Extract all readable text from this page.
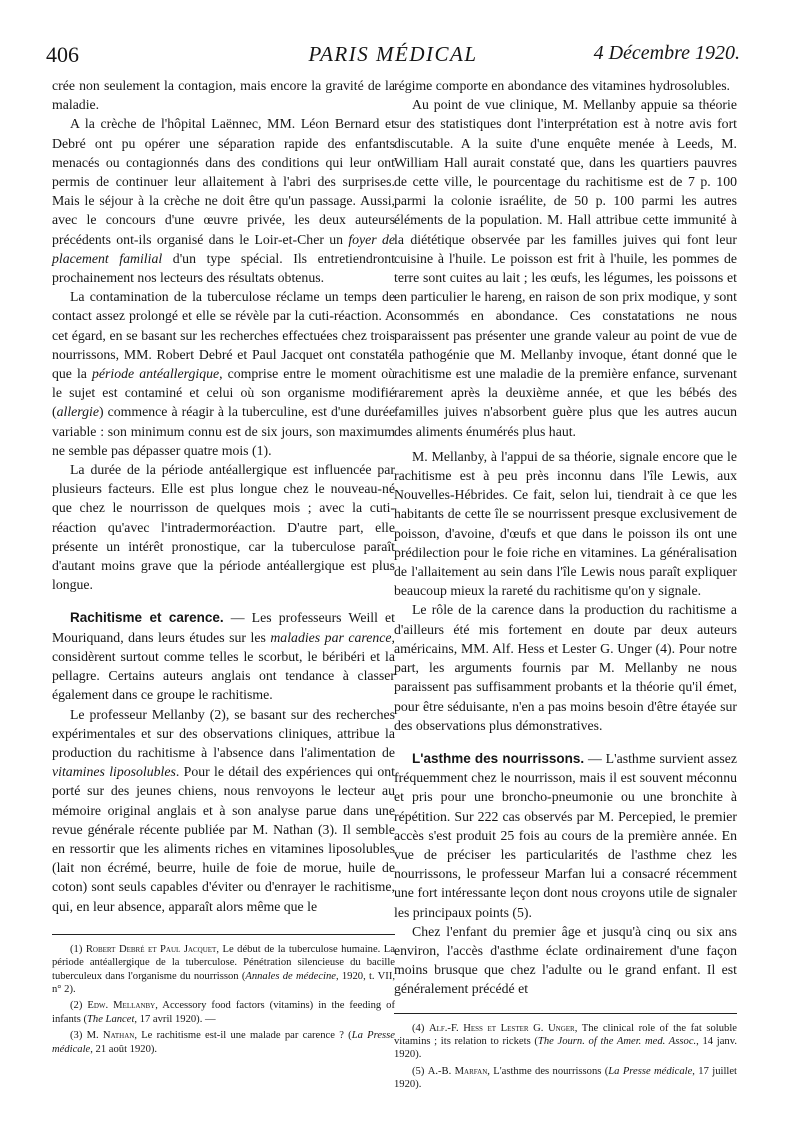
406	PARIS MÉDICAL	4 Décembre 1920.

crée non seulement la contagion, mais encore la gravité de la maladie.

A la crèche de l'hôpital Laënnec, MM. Léon Bernard et Debré ont pu opérer une séparation rapide des enfants menacés ou contagionnés dans des conditions qui leur ont permis de continuer leur allaitement à l'abri des surprises. Mais le séjour à la crèche ne doit être qu'un passage. Aussi, avec le concours d'une œuvre privée, les deux auteurs précédents ont-ils organisé dans le Loir-et-Cher un foyer de placement familial d'un type spécial. Ils entretiendront prochainement nos lecteurs des résultats obtenus.

La contamination de la tuberculose réclame un temps de contact assez prolongé et elle se révèle par la cuti-réaction. A cet égard, en se basant sur les recherches effectuées chez trois nourrissons, MM. Robert Debré et Paul Jacquet ont constaté que la période antéallergique, comprise entre le moment où le sujet est contaminé et celui où son organisme modifié (allergie) commence à réagir à la tuberculine, est d'une durée variable : son minimum connu est de six jours, son maximum ne semble pas dépasser quatre mois (1).

La durée de la période antéallergique est influencée par plusieurs facteurs. Elle est plus longue chez le nouveau-né que chez le nourrisson de quelques mois ; avec la cuti-réaction qu'avec l'intradermoréaction. D'autre part, elle présente un intérêt pronostique, car la tuberculose paraît d'autant moins grave que la période antéallergique est plus longue.

Rachitisme et carence. — Les professeurs Weill et Mouriquand, dans leurs études sur les maladies par carence, considèrent surtout comme telles le scorbut, le béribéri et la pellagre. Certains auteurs anglais ont tendance à classer également dans ce groupe le rachitisme.

Le professeur Mellanby (2), se basant sur des recherches expérimentales et sur des observations cliniques, attribue la production du rachitisme à l'absence dans l'alimentation de vitamines liposolubles. Pour le détail des expériences qui ont porté sur des jeunes chiens, nous renvoyons le lecteur au mémoire original anglais et à son analyse parue dans une revue générale récente publiée par M. Nathan (3). Il semble en ressortir que les aliments riches en vitamines liposolubles (lait non écrémé, beurre, huile de foie de morue, huile de coton) sont seuls capables d'éviter ou d'enrayer le rachitisme, qui, en leur absence, apparaît alors même que le

(1) Robert Debré et Paul Jacquet, Le début de la tuberculose humaine. La période antéallergique de la tuberculose. Pénétration silencieuse du bacille tuberculeux dans l'organisme du nourrisson (Annales de médecine, 1920, t. VII, n° 2).

(2) Edw. Mellanby, Accessory food factors (vitamins) in the feeding of infants (The Lancet, 17 avril 1920). —

(3) M. Nathan, Le rachitisme est-il une malade par carence ? (La Presse médicale, 21 août 1920).

régime comporte en abondance des vitamines hydrosolubles.

Au point de vue clinique, M. Mellanby appuie sa théorie sur des statistiques dont l'interprétation est à notre avis fort discutable. A la suite d'une enquête menée à Leeds, M. William Hall aurait constaté que, dans les quartiers pauvres de cette ville, le pourcentage du rachitisme est de 7 p. 100 parmi la colonie israélite, de 50 p. 100 parmi les autres éléments de la population. M. Hall attribue cette immunité à la diététique observée par les familles juives qui font leur cuisine à l'huile. Le poisson est frit à l'huile, les pommes de terre sont cuites au lait ; les œufs, les légumes, les poissons et en particulier le hareng, en raison de son prix modique, y sont consommés en abondance. Ces constatations ne nous paraissent pas présenter une grande valeur au point de vue de la pathogénie que M. Mellanby invoque, étant donné que le rachitisme est une maladie de la première enfance, survenant rarement après la deuxième année, et que les bébés des familles juives n'absorbent guère plus que les autres aucun des aliments énumérés plus haut.

M. Mellanby, à l'appui de sa théorie, signale encore que le rachitisme est à peu près inconnu dans l'île Lewis, aux Nouvelles-Hébrides. Ce fait, selon lui, tiendrait à ce que les habitants de cette île se nourrissent presque exclusivement de poisson, d'avoine, d'œufs et que dans le poisson ils ont une prédilection pour le foie riche en vitamines. La généralisation de l'allaitement au sein dans l'île Lewis nous paraît expliquer beaucoup mieux la rareté du rachitisme qu'on y signale.

Le rôle de la carence dans la production du rachitisme a d'ailleurs été mis fortement en doute par deux auteurs américains, MM. Alf. Hess et Lester G. Unger (4). Pour notre part, les arguments fournis par M. Mellanby ne nous paraissent pas suffisamment probants et la théorie qu'il émet, pour être séduisante, n'en a pas moins besoin d'être étayée sur des observations plus démonstratives.

L'asthme des nourrissons. — L'asthme survient assez fréquemment chez le nourrisson, mais il est souvent méconnu et pris pour une broncho-pneumonie ou une bronchite à répétition. Sur 222 cas observés par M. Percepied, le premier accès s'est produit 25 fois au cours de la première année. En vue de préciser les particularités de l'asthme chez les nourrissons, le professeur Marfan lui a consacré récemment une fort intéressante leçon dont nous croyons utile de signaler les principaux points (5).

Chez l'enfant du premier âge et jusqu'à cinq ou six ans environ, l'accès d'asthme éclate ordinairement d'une façon moins brusque que chez l'adulte ou le grand enfant. Il est généralement précédé et

(4) Alf.-F. Hess et Lester G. Unger, The clinical role of the fat soluble vitamins ; its relation to rickets (The Journ. of the Amer. med. Assoc., 14 janv. 1920).

(5) A.-B. Marfan, L'asthme des nourrissons (La Presse médicale, 17 juillet 1920).
